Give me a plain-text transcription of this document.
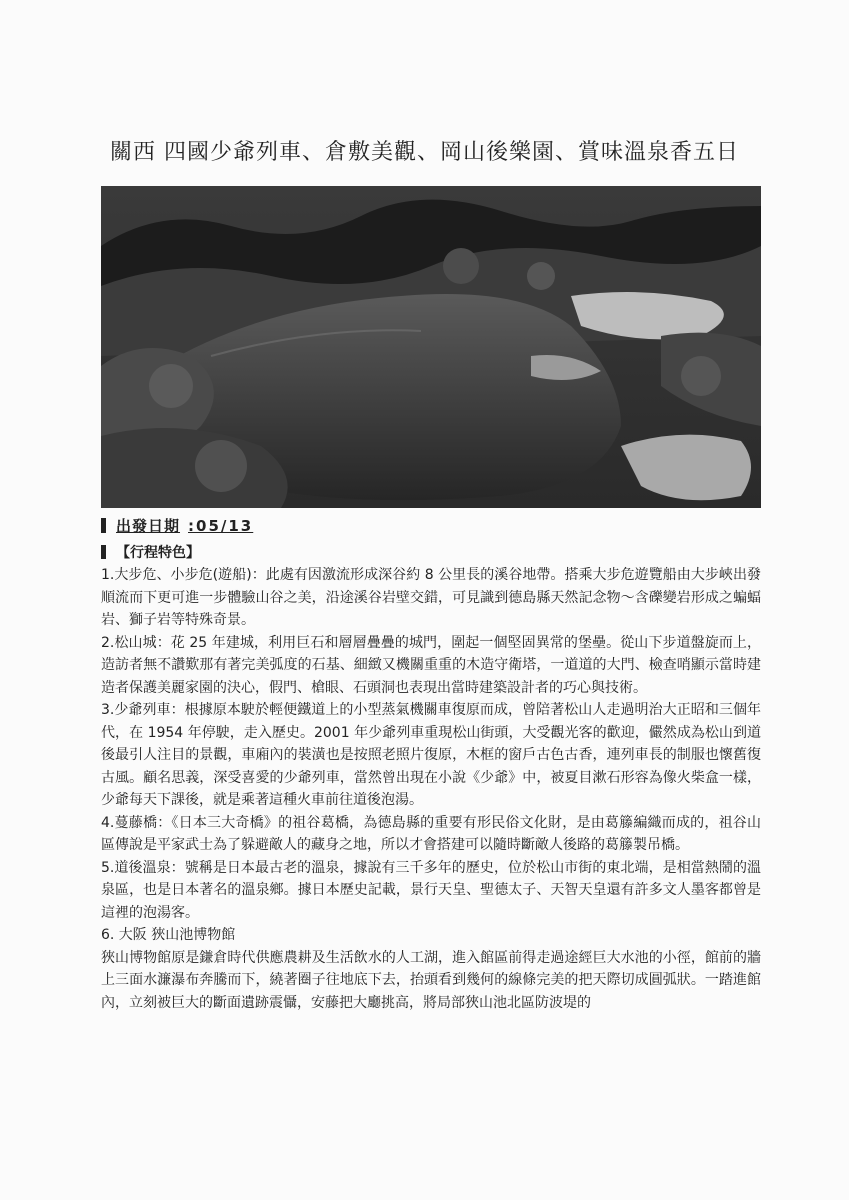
關西 四國少爺列車、倉敷美觀、岡山後樂園、賞味溫泉香五日
出發日期 :05/13
【行程特色】

1.大步危、小步危(遊船)：此處有因激流形成深谷約 8 公里長的溪谷地帶。搭乘大步危遊覽船由大步峽出發順流而下更可進一步體驗山谷之美，沿途溪谷岩壁交錯，可見識到德島縣天然記念物～含礫變岩形成之蝙蝠岩、獅子岩等特殊奇景。

2.松山城：花 25 年建城，利用巨石和層層疊疊的城門，圍起一個堅固異常的堡壘。從山下步道盤旋而上，造訪者無不讚歎那有著完美弧度的石基、細緻又機關重重的木造守衛塔，一道道的大門、檢查哨顯示當時建造者保護美麗家園的決心，假門、槍眼、石頭洞也表現出當時建築設計者的巧心與技術。

3.少爺列車：根據原本駛於輕便鐵道上的小型蒸氣機關車復原而成，曾陪著松山人走過明治大正昭和三個年代，在 1954 年停駛，走入歷史。2001 年少爺列車重現松山街頭，大受觀光客的歡迎，儼然成為松山到道後最引人注目的景觀，車廂內的裝潢也是按照老照片復原，木框的窗戶古色古香，連列車長的制服也懷舊復古風。顧名思義，深受喜愛的少爺列車，當然曾出現在小說《少爺》中，被夏目漱石形容為像火柴盒一樣，少爺每天下課後，就是乘著這種火車前往道後泡湯。

4.蔓藤橋：《日本三大奇橋》的祖谷葛橋，為德島縣的重要有形民俗文化財，是由葛籐編織而成的，祖谷山區傳說是平家武士為了躲避敵人的藏身之地，所以才會搭建可以隨時斷敵人後路的葛籐製吊橋。

5.道後溫泉：號稱是日本最古老的溫泉，據說有三千多年的歷史，位於松山市街的東北端，是相當熱鬧的溫泉區，也是日本著名的溫泉鄉。據日本歷史記載，景行天皇、聖德太子、天智天皇還有許多文人墨客都曾是這裡的泡湯客。

6. 大阪 狹山池博物館

狹山博物館原是鎌倉時代供應農耕及生活飲水的人工湖，進入館區前得走過途經巨大水池的小徑，館前的牆上三面水濂瀑布奔騰而下，繞著圈子往地底下去，抬頭看到幾何的線條完美的把天際切成圓弧狀。一踏進館內，立刻被巨大的斷面遺跡震懾，安藤把大廳挑高，將局部狹山池北區防波堤的
